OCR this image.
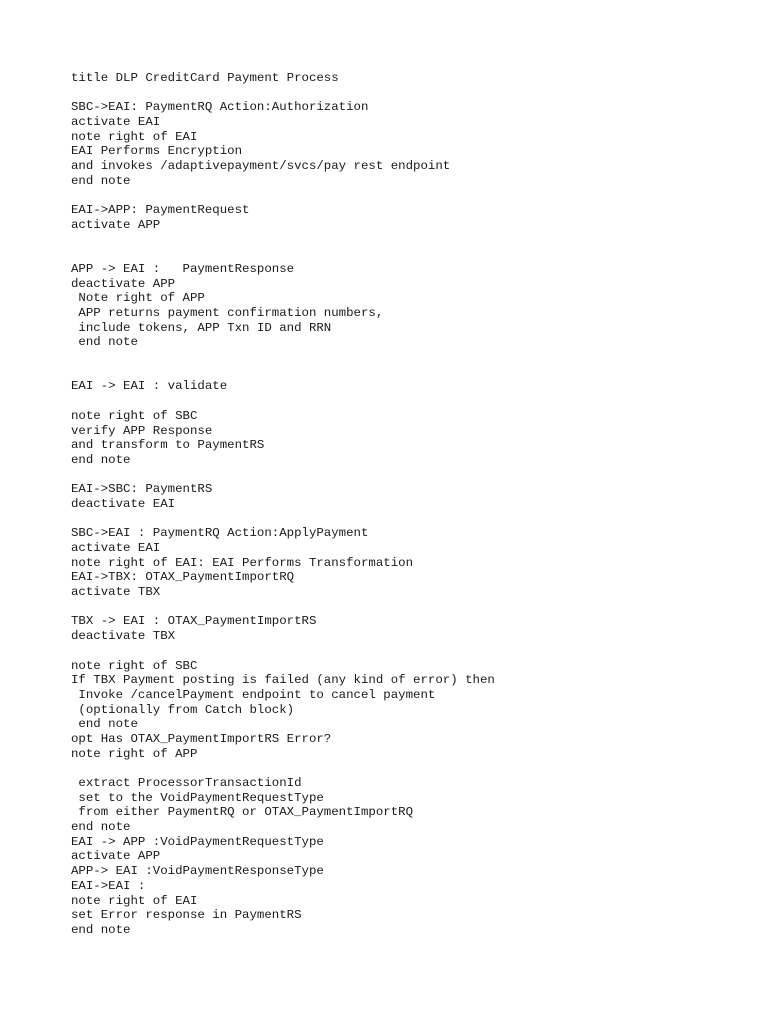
title DLP CreditCard Payment Process

SBC->EAI: PaymentRQ Action:Authorization
activate EAI
note right of EAI
EAI Performs Encryption
and invokes /adaptivepayment/svcs/pay rest endpoint
end note

EAI->APP: PaymentRequest
activate APP

APP -> EAI :   PaymentResponse
deactivate APP
Note right of APP
APP returns payment confirmation numbers,
include tokens, APP Txn ID and RRN
end note

EAI -> EAI : validate

note right of SBC
verify APP Response
and transform to PaymentRS
end note

EAI->SBC: PaymentRS
deactivate EAI

SBC->EAI : PaymentRQ Action:ApplyPayment
activate EAI
note right of EAI: EAI Performs Transformation
EAI->TBX: OTAX_PaymentImportRQ
activate TBX

TBX -> EAI : OTAX_PaymentImportRS
deactivate TBX

note right of SBC
If TBX Payment posting is failed (any kind of error) then
Invoke /cancelPayment endpoint to cancel payment
(optionally from Catch block)
end note
opt Has OTAX_PaymentImportRS Error?
note right of APP

extract ProcessorTransactionId
set to the VoidPaymentRequestType
from either PaymentRQ or OTAX_PaymentImportRQ
end note
EAI -> APP :VoidPaymentRequestType
activate APP
APP-> EAI :VoidPaymentResponseType
EAI->EAI :
note right of EAI
set Error response in PaymentRS
end note
